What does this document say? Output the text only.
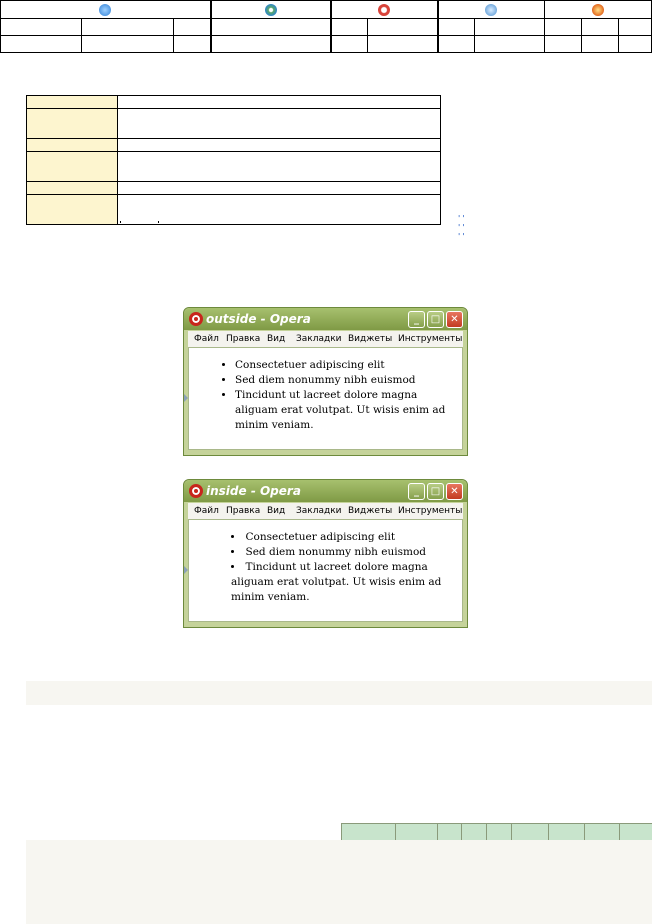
	'' '' ''
outside - Opera	_	□	✕
Файл Правка Вид Закладки Виджеты Инструменты
• Consectetuer adipiscing elit
• Sed diem nonummy nibh euismod
• Tincidunt ut lacreet dolore magna aliguam erat volutpat. Ut wisis enim ad minim veniam.
inside - Opera	_	□	✕
Файл Правка Вид Закладки Виджеты Инструменты
• Consectetuer adipiscing elit
• Sed diem nonummy nibh euismod
• Tincidunt ut lacreet dolore magna aliguam erat volutpat. Ut wisis enim ad minim veniam.
